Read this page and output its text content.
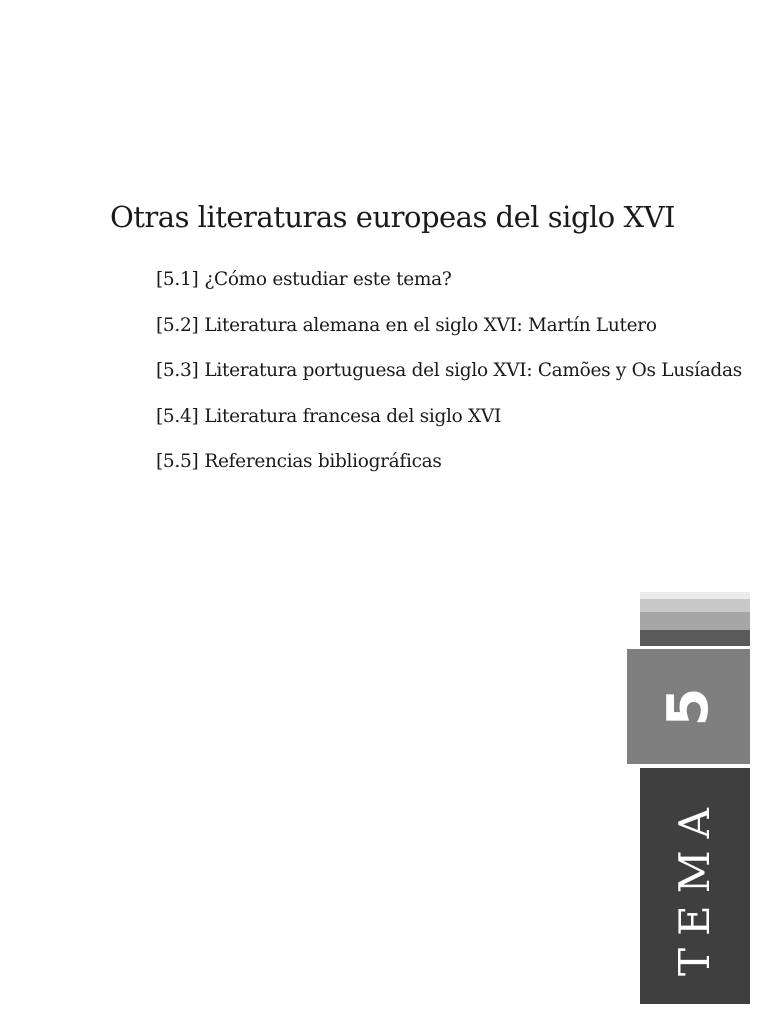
Otras literaturas europeas del siglo XVI
[5.1] ¿Cómo estudiar este tema?
[5.2] Literatura alemana en el siglo XVI: Martín Lutero
[5.3] Literatura portuguesa del siglo XVI: Camões y Os Lusíadas
[5.4] Literatura francesa del siglo XVI
[5.5] Referencias bibliográficas
5
TEMA
